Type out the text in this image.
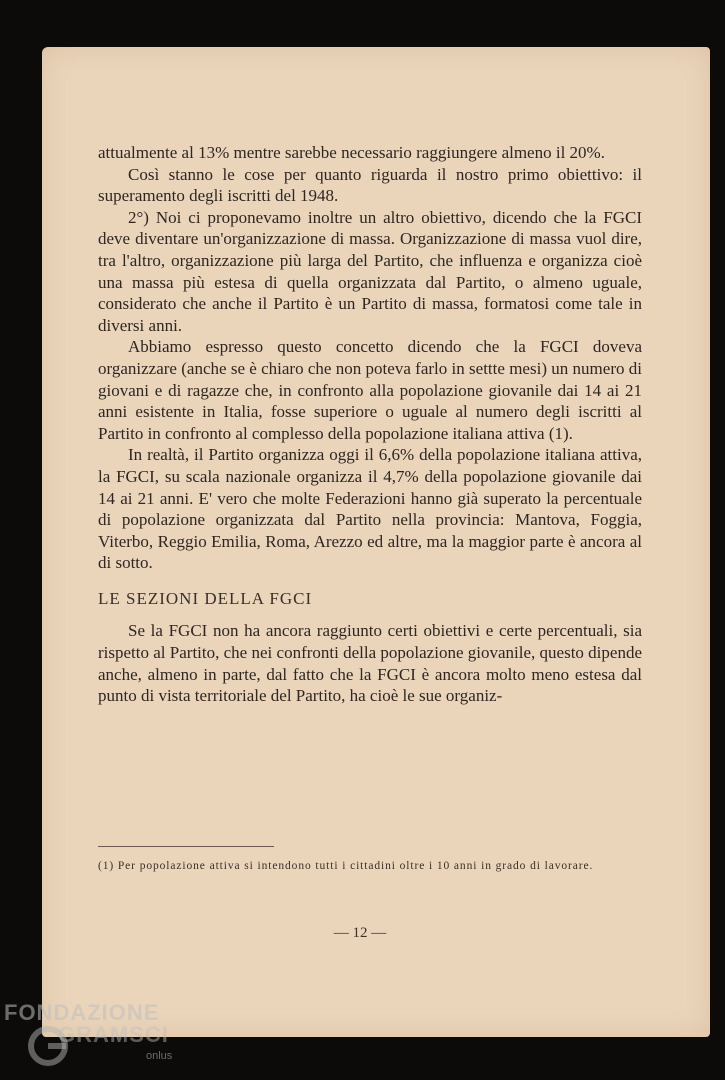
attualmente al 13% mentre sarebbe necessario raggiungere almeno il 20%.

Così stanno le cose per quanto riguarda il nostro primo obiettivo: il superamento degli iscritti del 1948.

2°) Noi ci proponevamo inoltre un altro obiettivo, dicendo che la FGCI deve diventare un'organizzazione di massa. Organizzazione di massa vuol dire, tra l'altro, organizzazione più larga del Partito, che influenza e organizza cioè una massa più estesa di quella organizzata dal Partito, o almeno uguale, considerato che anche il Partito è un Partito di massa, formatosi come tale in diversi anni.

Abbiamo espresso questo concetto dicendo che la FGCI doveva organizzare (anche se è chiaro che non poteva farlo in settte mesi) un numero di giovani e di ragazze che, in confronto alla popolazione giovanile dai 14 ai 21 anni esistente in Italia, fosse superiore o uguale al numero degli iscritti al Partito in confronto al complesso della popolazione italiana attiva (1).

In realtà, il Partito organizza oggi il 6,6% della popolazione italiana attiva, la FGCI, su scala nazionale organizza il 4,7% della popolazione giovanile dai 14 ai 21 anni. E' vero che molte Federazioni hanno già superato la percentuale di popolazione organizzata dal Partito nella provincia: Mantova, Foggia, Viterbo, Reggio Emilia, Roma, Arezzo ed altre, ma la maggior parte è ancora al di sotto.

LE SEZIONI DELLA FGCI

Se la FGCI non ha ancora raggiunto certi obiettivi e certe percentuali, sia rispetto al Partito, che nei confronti della popolazione giovanile, questo dipende anche, almeno in parte, dal fatto che la FGCI è ancora molto meno estesa dal punto di vista territoriale del Partito, ha cioè le sue organiz-

(1) Per popolazione attiva si intendono tutti i cittadini oltre i 10 anni in grado di lavorare.
— 12 —
FONDAZIONE
GRAMSCI
onlus
